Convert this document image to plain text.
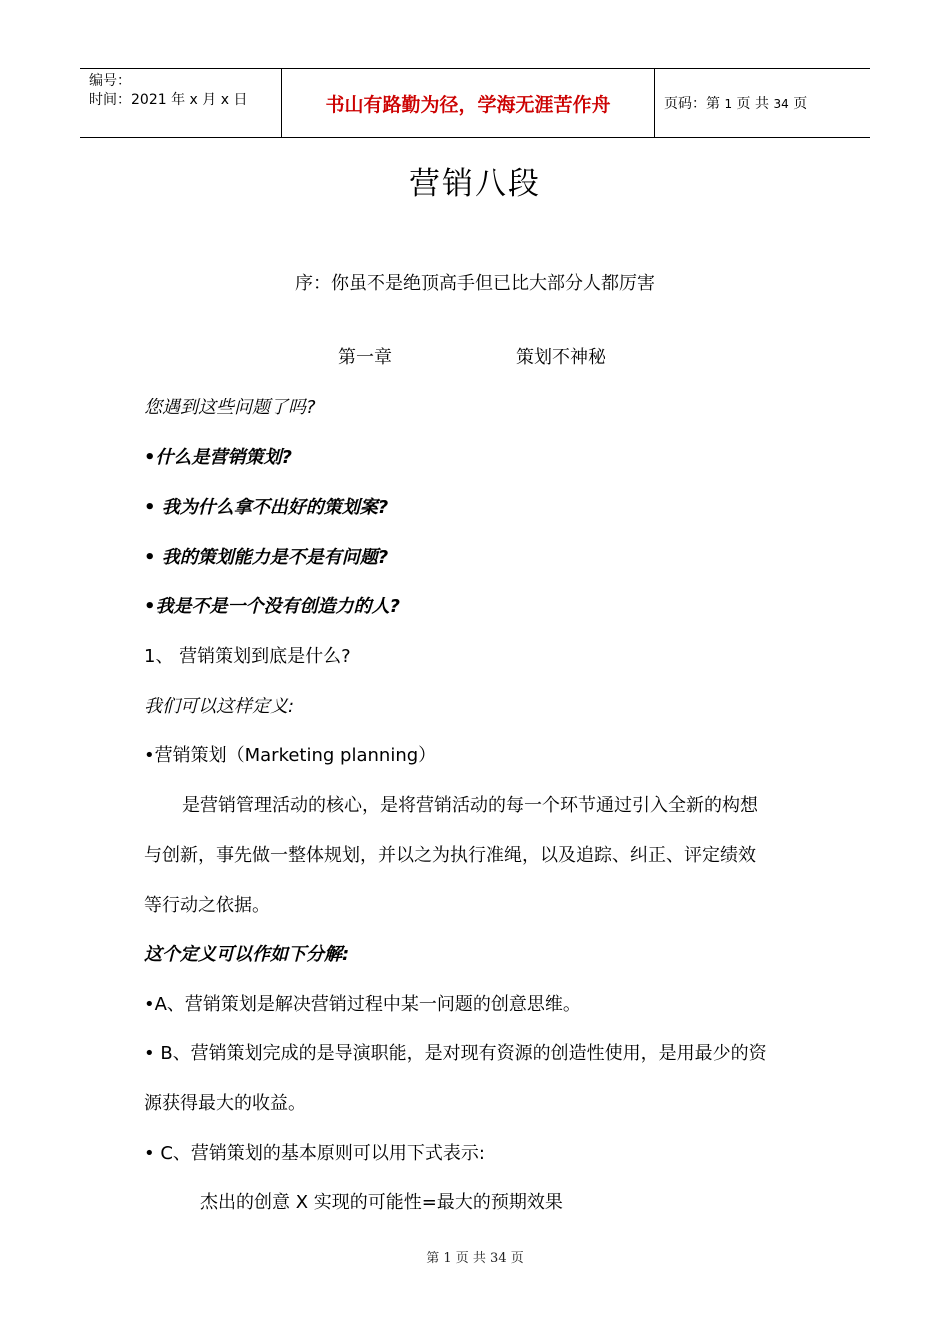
编号：
时间：2021 年 x 月 x 日	书山有路勤为径，学海无涯苦作舟	页码：第 1 页 共 34 页
营销八段
序：你虽不是绝顶高手但已比大部分人都厉害
第一章	策划不神秘
您遇到这些问题了吗?
•什么是营销策划?
• 我为什么拿不出好的策划案?
• 我的策划能力是不是有问题?
•我是不是一个没有创造力的人?
1、 营销策划到底是什么?
我们可以这样定义:
•营销策划（Marketing planning）
是营销管理活动的核心，是将营销活动的每一个环节通过引入全新的构想
与创新，事先做一整体规划，并以之为执行准绳，以及追踪、纠正、评定绩效
等行动之依据。
这个定义可以作如下分解:
•A、营销策划是解决营销过程中某一问题的创意思维。
• B、营销策划完成的是导演职能，是对现有资源的创造性使用，是用最少的资
源获得最大的收益。
• C、营销策划的基本原则可以用下式表示:
杰出的创意 X 实现的可能性=最大的预期效果
第 1 页 共 34 页
